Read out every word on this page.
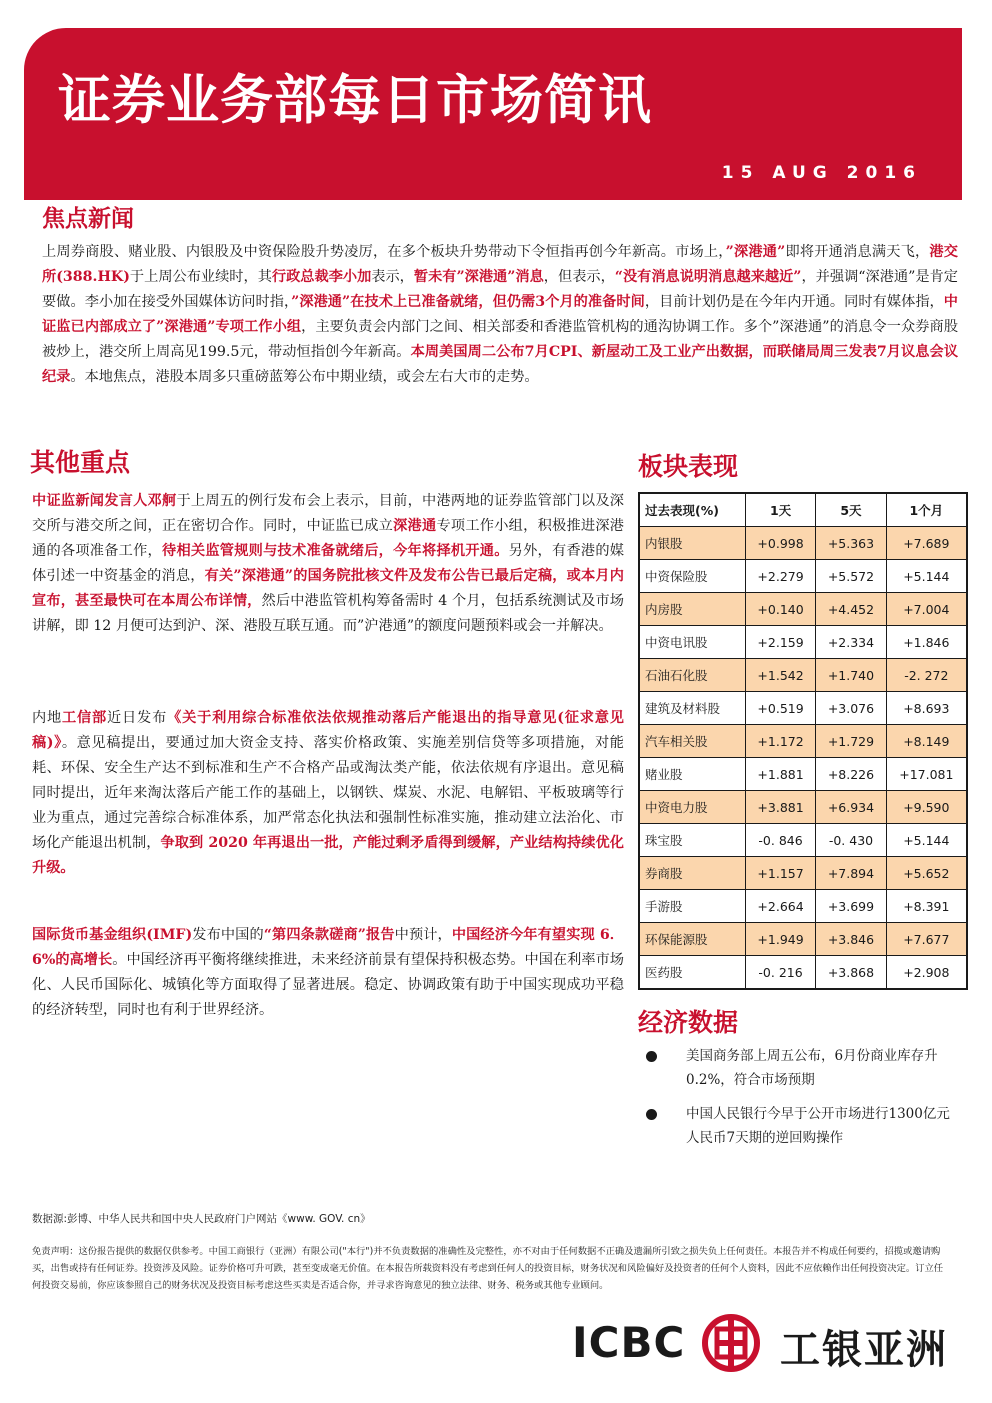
证券业务部每日市场简讯
15 AUG 2016
焦点新闻
上周券商股、赌业股、内银股及中资保险股升势凌厉，在多个板块升势带动下令恒指再创今年新高。市场上，”深港通”即将开通消息满天飞，港交所(388.HK)于上周公布业续时，其行政总裁李小加表示，暂未有”深港通”消息，但表示，“没有消息说明消息越来越近”，并强调“深港通”是肯定要做。李小加在接受外国媒体访问时指，”深港通”在技术上已准备就绪，但仍需3个月的准备时间，目前计划仍是在今年内开通。同时有媒体指，中证监已内部成立了”深港通”专项工作小组，主要负责会内部门之间、相关部委和香港监管机构的通沟协调工作。多个”深港通”的消息令一众券商股被炒上，港交所上周高见199.5元，带动恒指创今年新高。本周美国周二公布7月CPI、新屋动工及工业产出数据，而联储局周三发表7月议息会议纪录。本地焦点，港股本周多只重磅蓝筹公布中期业绩，或会左右大市的走势。
其他重点
中证监新闻发言人邓舸于上周五的例行发布会上表示，目前，中港两地的证券监管部门以及深交所与港交所之间，正在密切合作。同时，中证监已成立深港通专项工作小组，积极推进深港通的各项准备工作，待相关监管规则与技术准备就绪后，今年将择机开通。另外，有香港的媒体引述一中资基金的消息，有关”深港通”的国务院批核文件及发布公告已最后定稿，或本月内宣布，甚至最快可在本周公布详情，然后中港监管机构筹备需时 4 个月，包括系统测试及市场讲解，即 12 月便可达到沪、深、港股互联互通。而”沪港通”的额度问题预料或会一并解决。
内地工信部近日发布《关于利用综合标准依法依规推动落后产能退出的指导意见(征求意见稿)》。意见稿提出，要通过加大资金支持、落实价格政策、实施差别信贷等多项措施，对能耗、环保、安全生产达不到标准和生产不合格产品或淘汰类产能，依法依规有序退出。意见稿同时提出，近年来淘汰落后产能工作的基础上，以钢铁、煤炭、水泥、电解铝、平板玻璃等行业为重点，通过完善综合标准体系，加严常态化执法和强制性标准实施，推动建立法治化、市场化产能退出机制，争取到 2020 年再退出一批，产能过剩矛盾得到缓解，产业结构持续优化升级。
国际货币基金组织(IMF)发布中国的“第四条款磋商”报告中预计，中国经济今年有望实现 6．6%的高增长。中国经济再平衡将继续推进，未来经济前景有望保持积极态势。中国在利率市场化、人民币国际化、城镇化等方面取得了显著进展。稳定、协调政策有助于中国实现成功平稳的经济转型，同时也有利于世界经济。
板块表现
过去表现(%)	1天	5天	1个月
内银股	+0.998	+5.363	+7.689
中资保险股	+2.279	+5.572	+5.144
内房股	+0.140	+4.452	+7.004
中资电讯股	+2.159	+2.334	+1.846
石油石化股	+1.542	+1.740	-2. 272
建筑及材料股	+0.519	+3.076	+8.693
汽车相关股	+1.172	+1.729	+8.149
赌业股	+1.881	+8.226	+17.081
中资电力股	+3.881	+6.934	+9.590
珠宝股	-0. 846	-0. 430	+5.144
券商股	+1.157	+7.894	+5.652
手游股	+2.664	+3.699	+8.391
环保能源股	+1.949	+3.846	+7.677
医药股	-0. 216	+3.868	+2.908
经济数据
美国商务部上周五公布，6月份商业库存升0.2%，符合市场预期
中国人民银行今早于公开市场进行1300亿元人民币7天期的逆回购操作
数据源:彭博、中华人民共和国中央人民政府门户网站《www. GOV. cn》
免责声明：这份报告提供的数据仅供参考。中国工商银行（亚洲）有限公司("本行")并不负责数据的准确性及完整性，亦不对由于任何数据不正确及遗漏所引致之损失负上任何责任。本报告并不构成任何要约，招揽或邀请购买，出售或持有任何证券。投资涉及风险。证券价格可升可跌，甚至变成毫无价值。在本报告所载资料没有考虑到任何人的投资目标，财务状况和风险偏好及投资者的任何个人资料，因此不应依赖作出任何投资决定。订立任何投资交易前，你应该参照自己的财务状况及投资目标考虑这些买卖是否适合你，并寻求咨询意见的独立法律、财务、税务或其他专业顾问。
ICBC 工银亚洲
